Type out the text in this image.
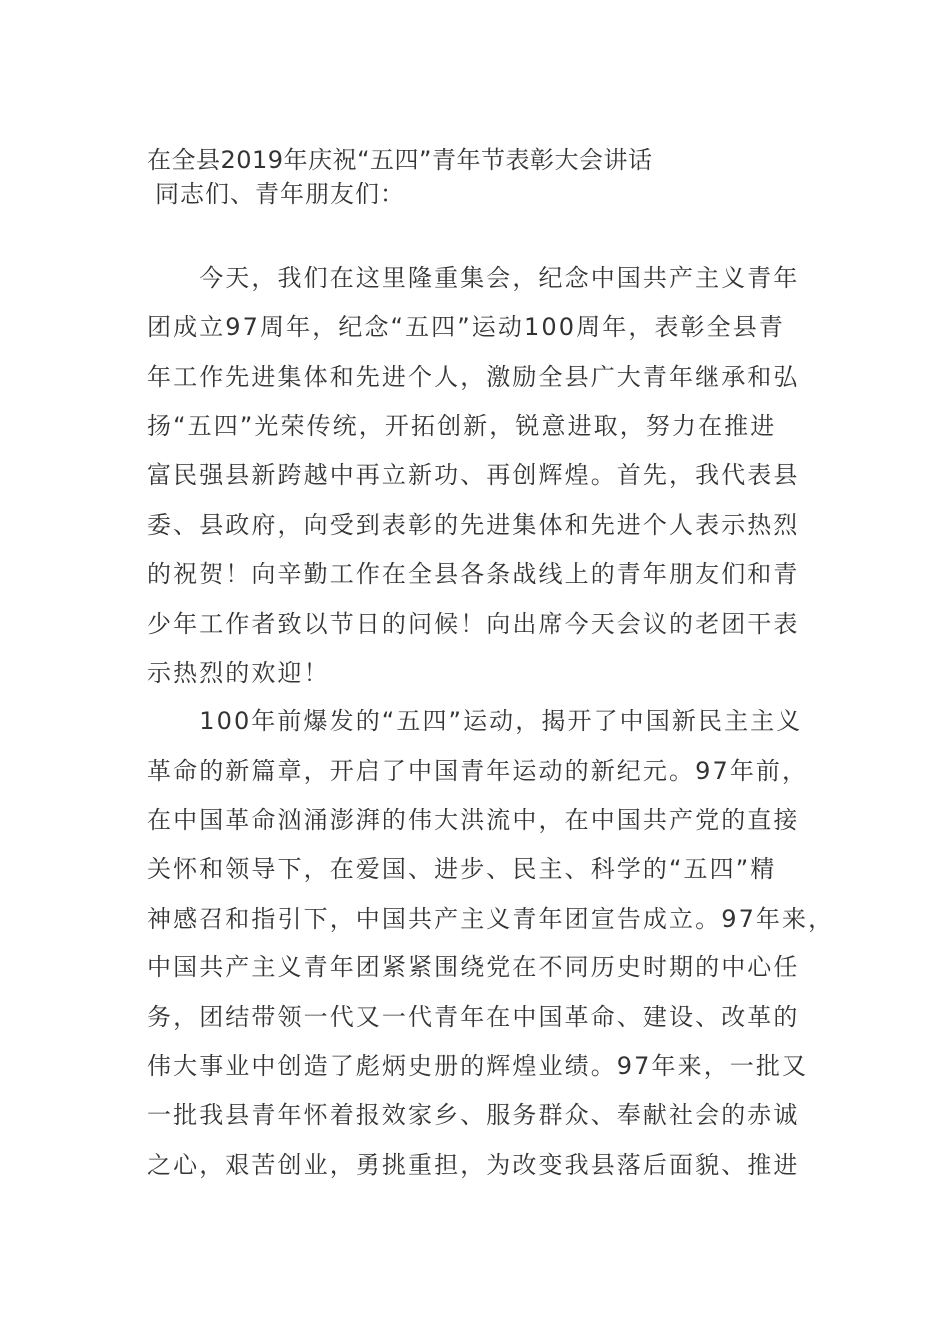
在全县2019年庆祝“五四”青年节表彰大会讲话
同志们、青年朋友们：
　　今天，我们在这里隆重集会，纪念中国共产主义青年
团成立97周年，纪念“五四”运动100周年，表彰全县青
年工作先进集体和先进个人，激励全县广大青年继承和弘
扬“五四”光荣传统，开拓创新，锐意进取，努力在推进
富民强县新跨越中再立新功、再创辉煌。首先，我代表县
委、县政府，向受到表彰的先进集体和先进个人表示热烈
的祝贺！向辛勤工作在全县各条战线上的青年朋友们和青
少年工作者致以节日的问候！向出席今天会议的老团干表
示热烈的欢迎！
　　100年前爆发的“五四”运动，揭开了中国新民主主义
革命的新篇章，开启了中国青年运动的新纪元。97年前，
在中国革命汹涌澎湃的伟大洪流中，在中国共产党的直接
关怀和领导下，在爱国、进步、民主、科学的“五四”精
神感召和指引下，中国共产主义青年团宣告成立。97年来，
中国共产主义青年团紧紧围绕党在不同历史时期的中心任
务，团结带领一代又一代青年在中国革命、建设、改革的
伟大事业中创造了彪炳史册的辉煌业绩。97年来，一批又
一批我县青年怀着报效家乡、服务群众、奉献社会的赤诚
之心，艰苦创业，勇挑重担，为改变我县落后面貌、推进
